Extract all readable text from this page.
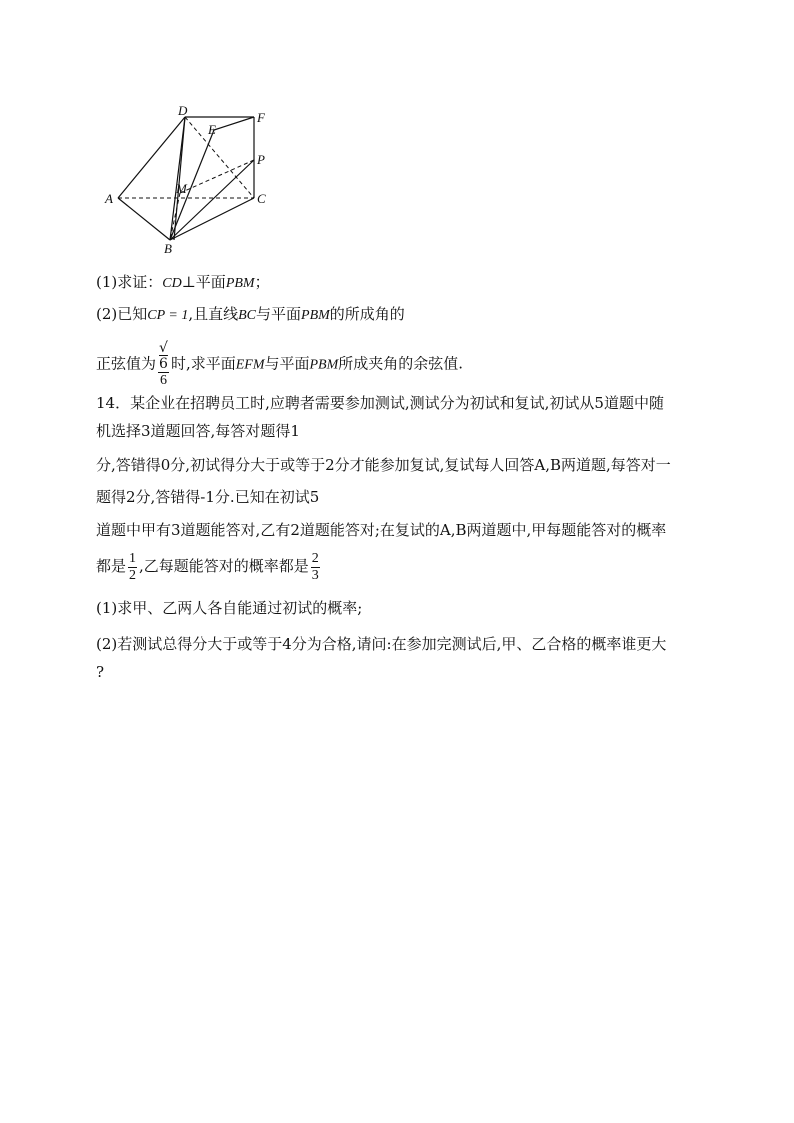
D
E
F
P
A
M
C
B
(1)求证：CD⊥平面PBM；
(2)已知CP = 1,且直线BC与平面PBM的所成角的
正弦值为 √
6
6 时,求平面EFM与平面PBM所成夹角的余弦值.
14．某企业在招聘员工时,应聘者需要参加测试,测试分为初试和复试,初试从5道题中随
机选择3道题回答,每答对题得1
分,答错得0分,初试得分大于或等于2分才能参加复试,复试每人回答A,B两道题,每答对一
题得2分,答错得-1分.已知在初试5
道题中甲有3道题能答对,乙有2道题能答对;在复试的A,B两道题中,甲每题能答对的概率
都是 $\frac{1}{2}$ ,乙每题能答对的概率都是 $\frac{2}{3}$
(1)求甲、乙两人各自能通过初试的概率;
(2)若测试总得分大于或等于4分为合格,请问:在参加完测试后,甲、乙合格的概率谁更大
?
